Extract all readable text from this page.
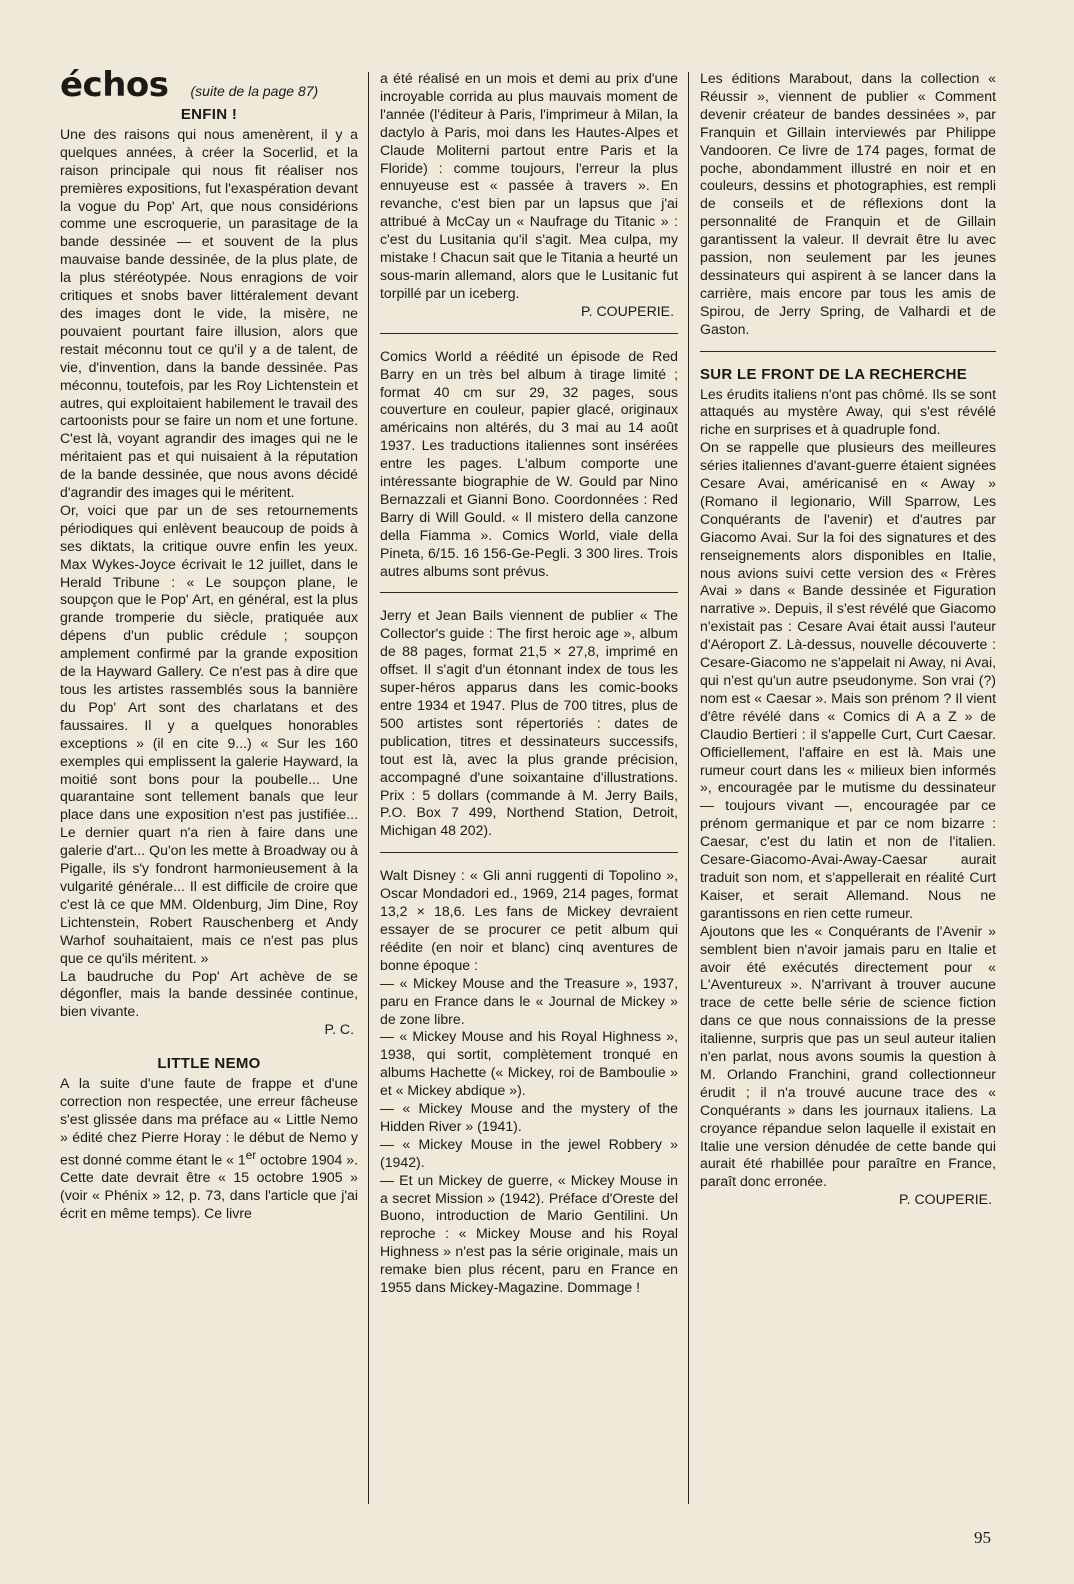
échos (suite de la page 87)
ENFIN !

Une des raisons qui nous amenèrent, il y a quelques années, à créer la Socerlid, et la raison principale qui nous fit réaliser nos premières expositions, fut l'exaspération devant la vogue du Pop' Art, que nous considérions comme une escroquerie, un parasitage de la bande dessinée — et souvent de la plus mauvaise bande dessinée, de la plus plate, de la plus stéréotypée. Nous enragions de voir critiques et snobs baver littéralement devant des images dont le vide, la misère, ne pouvaient pourtant faire illusion, alors que restait méconnu tout ce qu'il y a de talent, de vie, d'invention, dans la bande dessinée. Pas méconnu, toutefois, par les Roy Lichtenstein et autres, qui exploitaient habilement le travail des cartoonists pour se faire un nom et une fortune. C'est là, voyant agrandir des images qui ne le méritaient pas et qui nuisaient à la réputation de la bande dessinée, que nous avons décidé d'agrandir des images qui le méritent.

Or, voici que par un de ses retournements périodiques qui enlèvent beaucoup de poids à ses diktats, la critique ouvre enfin les yeux. Max Wykes-Joyce écrivait le 12 juillet, dans le Herald Tribune : « Le soupçon plane, le soupçon que le Pop' Art, en général, est la plus grande tromperie du siècle, pratiquée aux dépens d'un public crédule ; soupçon amplement confirmé par la grande exposition de la Hayward Gallery. Ce n'est pas à dire que tous les artistes rassemblés sous la bannière du Pop' Art sont des charlatans et des faussaires. Il y a quelques honorables exceptions » (il en cite 9...) « Sur les 160 exemples qui emplissent la galerie Hayward, la moitié sont bons pour la poubelle... Une quarantaine sont tellement banals que leur place dans une exposition n'est pas justifiée... Le dernier quart n'a rien à faire dans une galerie d'art... Qu'on les mette à Broadway ou à Pigalle, ils s'y fondront harmonieusement à la vulgarité générale... Il est difficile de croire que c'est là ce que MM. Oldenburg, Jim Dine, Roy Lichtenstein, Robert Rauschenberg et Andy Warhof souhaitaient, mais ce n'est pas plus que ce qu'ils méritent. »

La baudruche du Pop' Art achève de se dégonfler, mais la bande dessinée continue, bien vivante.

P. C.

LITTLE NEMO

A la suite d'une faute de frappe et d'une correction non respectée, une erreur fâcheuse s'est glissée dans ma préface au « Little Nemo » édité chez Pierre Horay : le début de Nemo y est donné comme étant le « 1er octobre 1904 ». Cette date devrait être « 15 octobre 1905 » (voir « Phénix » 12, p. 73, dans l'article que j'ai écrit en même temps). Ce livre

a été réalisé en un mois et demi au prix d'une incroyable corrida au plus mauvais moment de l'année (l'éditeur à Paris, l'imprimeur à Milan, la dactylo à Paris, moi dans les Hautes-Alpes et Claude Moliterni partout entre Paris et la Floride) : comme toujours, l'erreur la plus ennuyeuse est « passée à travers ». En revanche, c'est bien par un lapsus que j'ai attribué à McCay un « Naufrage du Titanic » : c'est du Lusitania qu'il s'agit. Mea culpa, my mistake ! Chacun sait que le Titania a heurté un sous-marin allemand, alors que le Lusitanic fut torpillé par un iceberg.

P. COUPERIE.

Comics World a réédité un épisode de Red Barry en un très bel album à tirage limité ; format 40 cm sur 29, 32 pages, sous couverture en couleur, papier glacé, originaux américains non altérés, du 3 mai au 14 août 1937. Les traductions italiennes sont insérées entre les pages. L'album comporte une intéressante biographie de W. Gould par Nino Bernazzali et Gianni Bono. Coordonnées : Red Barry di Will Gould. « Il mistero della canzone della Fiamma ». Comics World, viale della Pineta, 6/15. 16 156-Ge-Pegli. 3 300 lires. Trois autres albums sont prévus.

Jerry et Jean Bails viennent de publier « The Collector's guide : The first heroic age », album de 88 pages, format 21,5 × 27,8, imprimé en offset. Il s'agit d'un étonnant index de tous les super-héros apparus dans les comic-books entre 1934 et 1947. Plus de 700 titres, plus de 500 artistes sont répertoriés : dates de publication, titres et dessinateurs successifs, tout est là, avec la plus grande précision, accompagné d'une soixantaine d'illustrations. Prix : 5 dollars (commande à M. Jerry Bails, P.O. Box 7 499, Northend Station, Detroit, Michigan 48 202).

Walt Disney : « Gli anni ruggenti di Topolino », Oscar Mondadori ed., 1969, 214 pages, format 13,2 × 18,6. Les fans de Mickey devraient essayer de se procurer ce petit album qui réédite (en noir et blanc) cinq aventures de bonne époque :

— « Mickey Mouse and the Treasure », 1937, paru en France dans le « Journal de Mickey » de zone libre.

— « Mickey Mouse and his Royal Highness », 1938, qui sortit, complètement tronqué en albums Hachette (« Mickey, roi de Bamboulie » et « Mickey abdique »).

— « Mickey Mouse and the mystery of the Hidden River » (1941).

— « Mickey Mouse in the jewel Robbery » (1942).

— Et un Mickey de guerre, « Mickey Mouse in a secret Mission » (1942). Préface d'Oreste del Buono, introduction de Mario Gentilini. Un reproche : « Mickey Mouse and his Royal Highness » n'est pas la série originale, mais un remake bien plus récent, paru en France en 1955 dans Mickey-Magazine. Dommage !

Les éditions Marabout, dans la collection « Réussir », viennent de publier « Comment devenir créateur de bandes dessinées », par Franquin et Gillain interviewés par Philippe Vandooren. Ce livre de 174 pages, format de poche, abondamment illustré en noir et en couleurs, dessins et photographies, est rempli de conseils et de réflexions dont la personnalité de Franquin et de Gillain garantissent la valeur. Il devrait être lu avec passion, non seulement par les jeunes dessinateurs qui aspirent à se lancer dans la carrière, mais encore par tous les amis de Spirou, de Jerry Spring, de Valhardi et de Gaston.

SUR LE FRONT DE LA RECHERCHE

Les érudits italiens n'ont pas chômé. Ils se sont attaqués au mystère Away, qui s'est révélé riche en surprises et à quadruple fond.

On se rappelle que plusieurs des meilleures séries italiennes d'avant-guerre étaient signées Cesare Avai, américanisé en « Away » (Romano il legionario, Will Sparrow, Les Conquérants de l'avenir) et d'autres par Giacomo Avai. Sur la foi des signatures et des renseignements alors disponibles en Italie, nous avions suivi cette version des « Frères Avai » dans « Bande dessinée et Figuration narrative ». Depuis, il s'est révélé que Giacomo n'existait pas : Cesare Avai était aussi l'auteur d'Aéroport Z. Là-dessus, nouvelle découverte : Cesare-Giacomo ne s'appelait ni Away, ni Avai, qui n'est qu'un autre pseudonyme. Son vrai (?) nom est « Caesar ». Mais son prénom ? Il vient d'être révélé dans « Comics di A a Z » de Claudio Bertieri : il s'appelle Curt, Curt Caesar. Officiellement, l'affaire en est là. Mais une rumeur court dans les « milieux bien informés », encouragée par le mutisme du dessinateur — toujours vivant —, encouragée par ce prénom germanique et par ce nom bizarre : Caesar, c'est du latin et non de l'italien. Cesare-Giacomo-Avai-Away-Caesar aurait traduit son nom, et s'appellerait en réalité Curt Kaiser, et serait Allemand. Nous ne garantissons en rien cette rumeur.

Ajoutons que les « Conquérants de l'Avenir » semblent bien n'avoir jamais paru en Italie et avoir été exécutés directement pour « L'Aventureux ». N'arrivant à trouver aucune trace de cette belle série de science fiction dans ce que nous connaissions de la presse italienne, surpris que pas un seul auteur italien n'en parlat, nous avons soumis la question à M. Orlando Franchini, grand collectionneur érudit ; il n'a trouvé aucune trace des « Conquérants » dans les journaux italiens. La croyance répandue selon laquelle il existait en Italie une version dénudée de cette bande qui aurait été rhabillée pour paraître en France, paraît donc erronée.

P. COUPERIE.

95
